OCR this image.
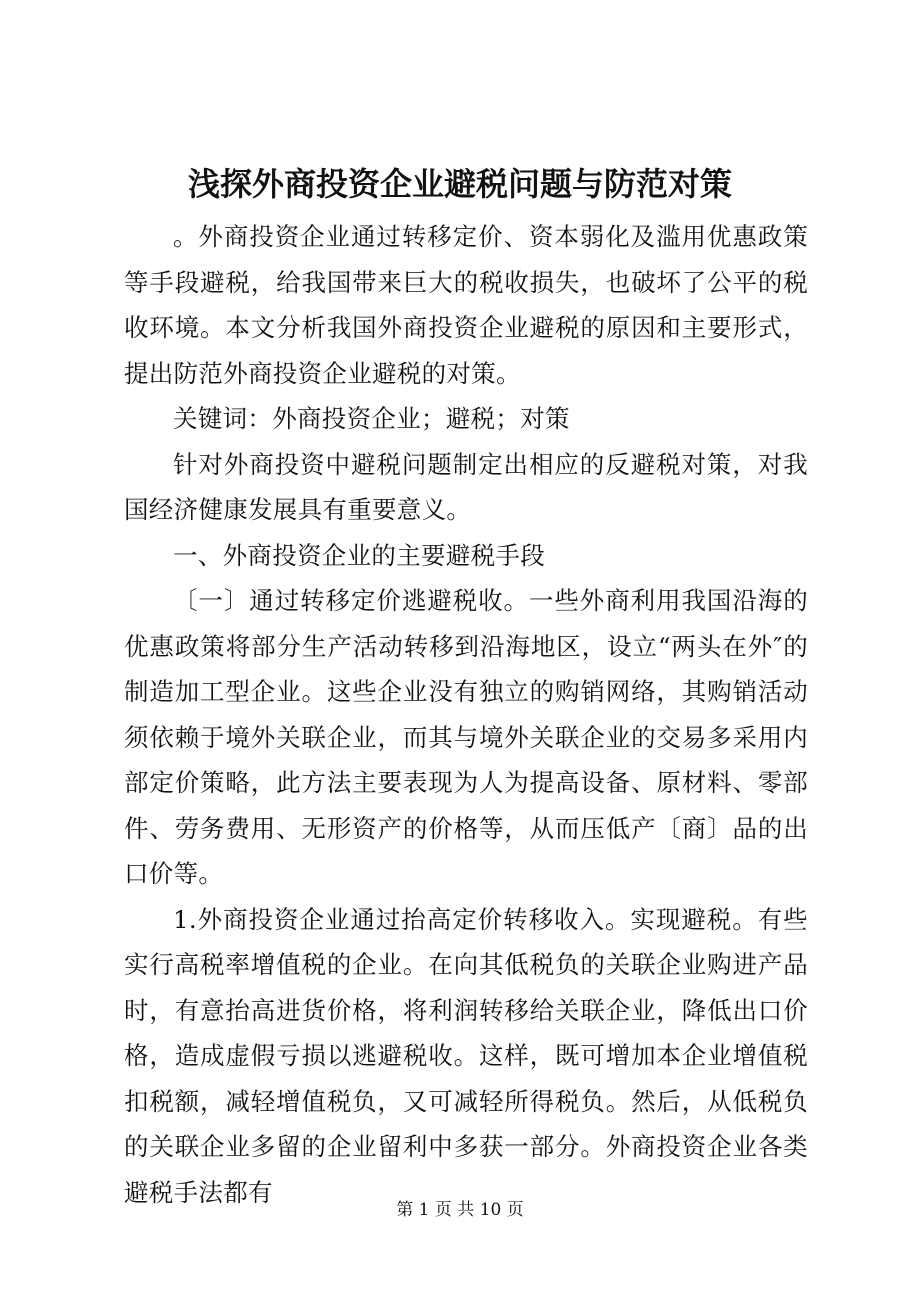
浅探外商投资企业避税问题与防范对策

。外商投资企业通过转移定价、资本弱化及滥用优惠政策等手段避税，给我国带来巨大的税收损失，也破坏了公平的税收环境。本文分析我国外商投资企业避税的原因和主要形式，提出防范外商投资企业避税的对策。

关键词：外商投资企业；避税；对策

针对外商投资中避税问题制定出相应的反避税对策，对我国经济健康发展具有重要意义。

一、外商投资企业的主要避税手段

〔一〕通过转移定价逃避税收。一些外商利用我国沿海的优惠政策将部分生产活动转移到沿海地区，设立“两头在外″的制造加工型企业。这些企业没有独立的购销网络，其购销活动须依赖于境外关联企业，而其与境外关联企业的交易多采用内部定价策略，此方法主要表现为人为提高设备、原材料、零部件、劳务费用、无形资产的价格等，从而压低产〔商〕品的出口价等。

1.外商投资企业通过抬高定价转移收入。实现避税。有些实行高税率增值税的企业。在向其低税负的关联企业购进产品时，有意抬高进货价格，将利润转移给关联企业，降低出口价格，造成虚假亏损以逃避税收。这样，既可增加本企业增值税扣税额，减轻增值税负，又可减轻所得税负。然后，从低税负的关联企业多留的企业留利中多获一部分。外商投资企业各类避税手法都有

第 1 页 共 10 页
